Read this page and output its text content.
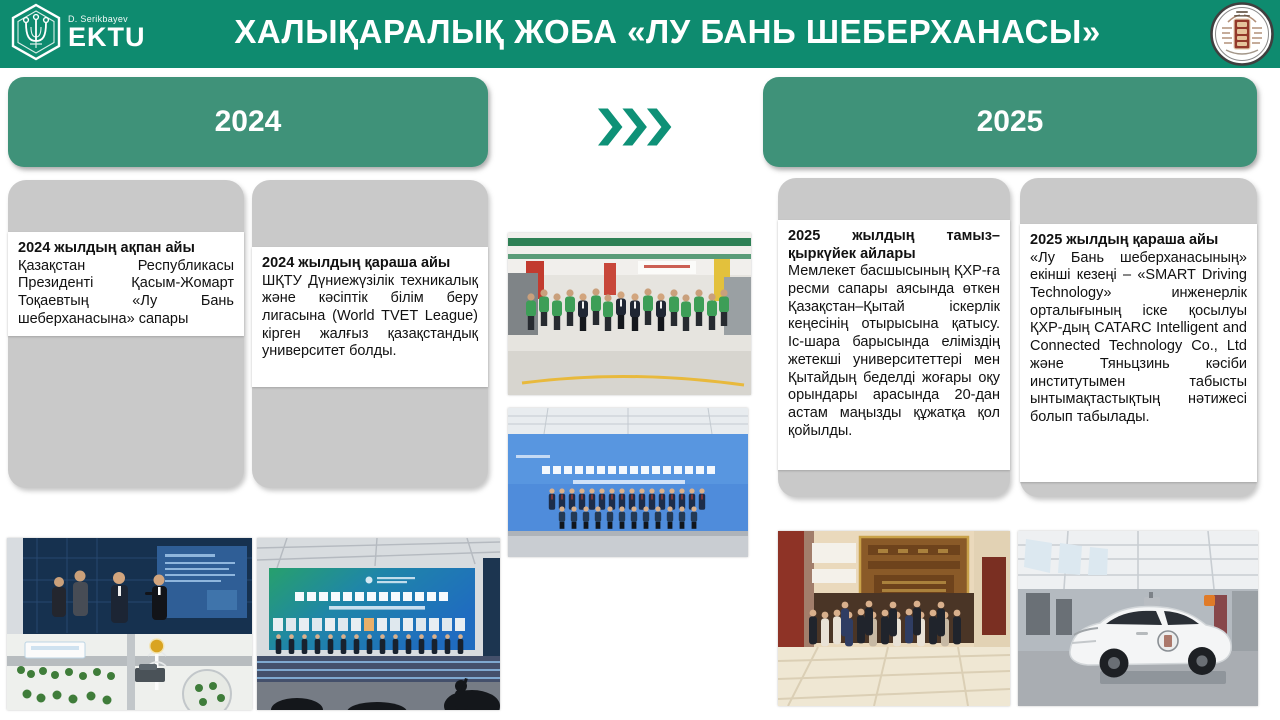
D. Serikbayev
EKTU	ХАЛЫҚАРАЛЫҚ ЖОБА «ЛУ БАНЬ ШЕБЕРХАНАСЫ»
2024	2025
2024 жылдың ақпан айы
Қазақстан Республикасы Президенті Қасым-Жомарт Тоқаевтың «Лу Бань шеберханасына» сапары
2024 жылдың қараша айы
ШҚТУ Дүниежүзілік техникалық және кәсіптік білім беру лигасына (World TVET League) кірген жалғыз қазақстандық университет болды.
2025 жылдың тамыз–қыркүйек айлары
Мемлекет басшысының ҚХР-ға ресми сапары аясында өткен Қазақстан–Қытай іскерлік кеңесінің отырысына қатысу. Іс-шара барысында еліміздің жетекші университеттері мен Қытайдың беделді жоғары оқу орындары арасында 20-дан астам маңызды құжатқа қол қойылды.
2025 жылдың қараша айы
«Лу Бань шеберханасының» екінші кезеңі – «SMART Driving Technology» инженерлік орталығының іске қосылуы ҚХР-дың CATARC Intelligent and Connected Technology Co., Ltd және Тяньцзинь кәсіби институтымен табысты ынтымақтастықтың нәтижесі болып табылады.
